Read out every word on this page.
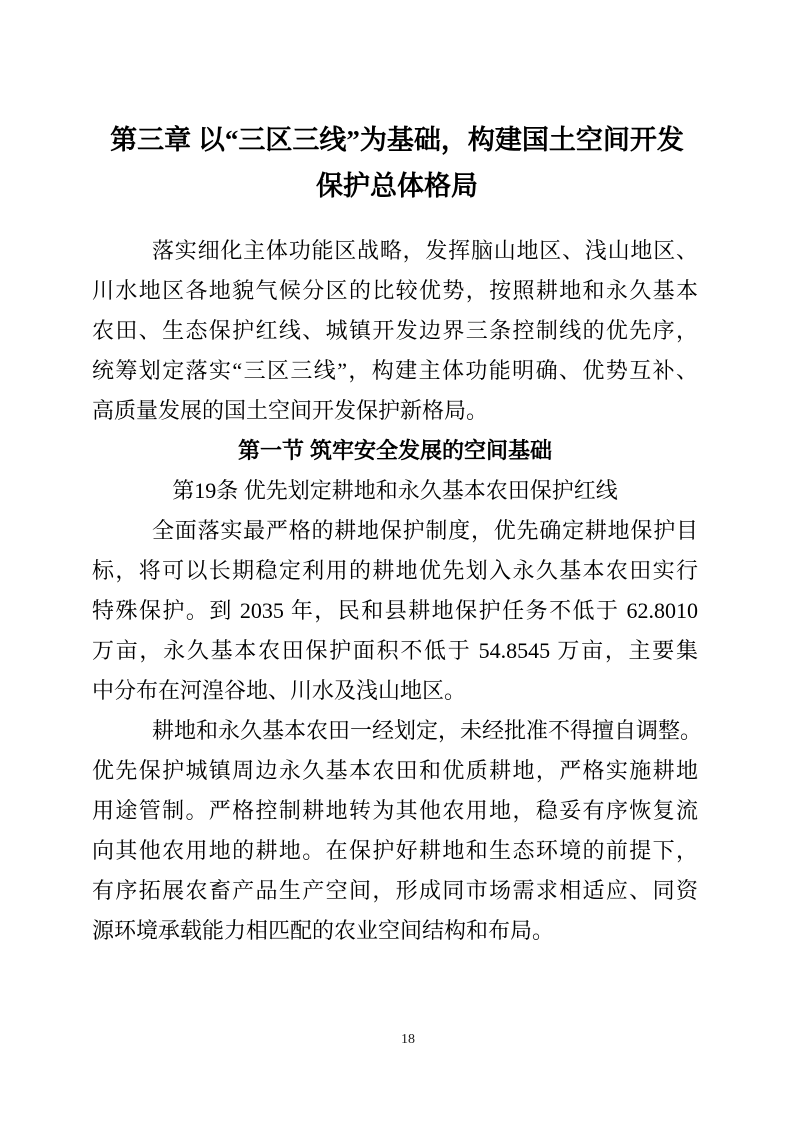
第三章 以“三区三线”为基础，构建国土空间开发
保护总体格局
落实细化主体功能区战略，发挥脑山地区、浅山地区、
川水地区各地貌气候分区的比较优势，按照耕地和永久基本
农田、生态保护红线、城镇开发边界三条控制线的优先序，
统筹划定落实“三区三线”，构建主体功能明确、优势互补、
高质量发展的国土空间开发保护新格局。
第一节 筑牢安全发展的空间基础
第19条 优先划定耕地和永久基本农田保护红线
全面落实最严格的耕地保护制度，优先确定耕地保护目
标，将可以长期稳定利用的耕地优先划入永久基本农田实行
特殊保护。到 2035 年，民和县耕地保护任务不低于 62.8010
万亩，永久基本农田保护面积不低于 54.8545 万亩，主要集
中分布在河湟谷地、川水及浅山地区。
耕地和永久基本农田一经划定，未经批准不得擅自调整。
优先保护城镇周边永久基本农田和优质耕地，严格实施耕地
用途管制。严格控制耕地转为其他农用地，稳妥有序恢复流
向其他农用地的耕地。在保护好耕地和生态环境的前提下，
有序拓展农畜产品生产空间，形成同市场需求相适应、同资
源环境承载能力相匹配的农业空间结构和布局。
18
